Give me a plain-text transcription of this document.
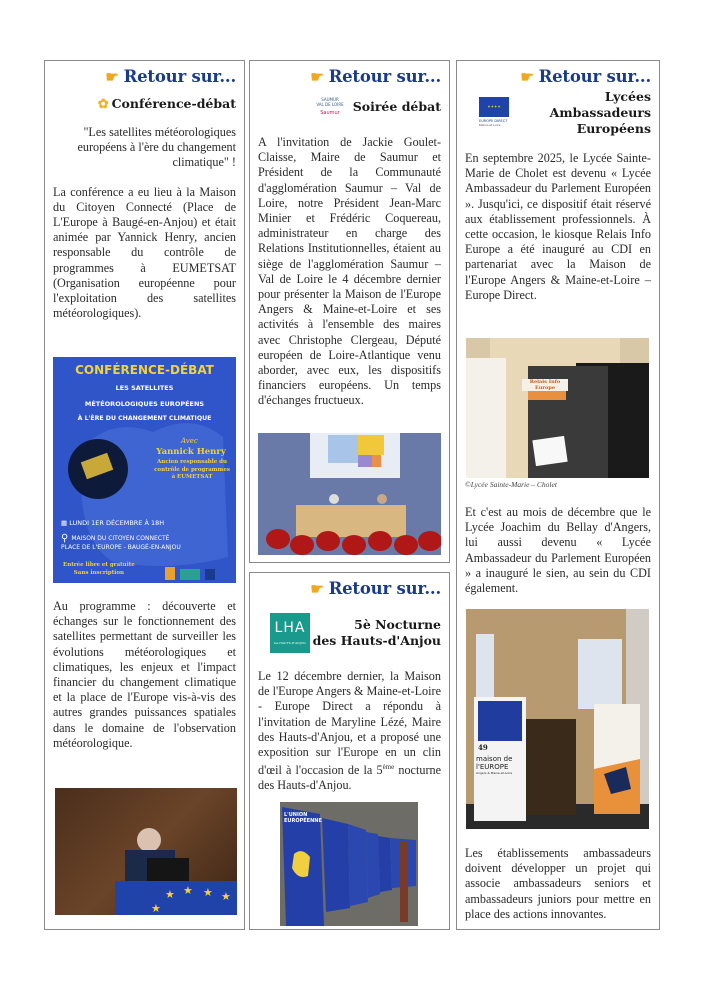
☛ Retour sur...
✿ Conférence-débat
"Les satellites météorologiques européens à l'ère du changement climatique" !
La conférence a eu lieu à la Maison du Citoyen Connecté (Place de L'Europe à Baugé-en-Anjou) et était animée par Yannick Henry, ancien responsable du contrôle de programmes à EUMETSAT (Organisation européenne pour l'exploitation des satellites météorologiques).
CONFÉRENCE-DÉBAT
LES SATELLITES
MÉTÉOROLOGIQUES EUROPÉENS
À L'ÈRE DU CHANGEMENT CLIMATIQUE
Avec
Yannick Henry
Ancien responsable du contrôle de programmes à EUMETSAT
▦ LUNDI 1ER DÉCEMBRE À 18H
⚲ MAISON DU CITOYEN CONNECTÉ
PLACE DE L'EUROPE - BAUGÉ-EN-ANJOU
Entrée libre et gratuite
Sans inscription

Au programme : découverte et échanges sur le fonctionnement des satellites permettant de surveiller les évolutions météorologiques et climatiques, les enjeux et l'impact financier du changement climatique et la place de l'Europe vis-à-vis des autres grandes puissances spatiales dans le domaine de l'observation météorologique.
★ ★ ★ ★
★
☛ Retour sur...
SAUMUR
VAL DE LOIRE
Saumur	Soirée débat
A l'invitation de Jackie Goulet-Claisse, Maire de Saumur et Président de la Communauté d'agglomération Saumur – Val de Loire, notre Président Jean-Marc Minier et Frédéric Coquereau, administrateur en charge des Relations Institutionnelles, étaient au siège de l'agglomération Saumur – Val de Loire le 4 décembre dernier pour présenter la Maison de l'Europe Angers & Maine-et-Loire et ses activités à l'ensemble des maires avec Christophe Clergeau, Député européen de Loire-Atlantique venu aborder, avec eux, les dispositifs financiers européens. Un temps d'échanges fructueux.
☛ Retour sur...
LHA
les HAUTS-D'ANJOU
5è Nocturne
des Hauts-d'Anjou
Le 12 décembre dernier, la Maison de l'Europe Angers & Maine-et-Loire - Europe Direct a répondu à l'invitation de Maryline Lézé, Maire des Hauts-d'Anjou, et a proposé une exposition sur l'Europe en un clin d'œil à l'occasion de la 5ème nocturne des Hauts-d'Anjou.
L'UNION EUROPÉENNE
☛ Retour sur...
✦✦✦✦
EUROPE DIRECT
Maine-et-Loire
Lycées
Ambassadeurs
Européens
En septembre 2025, le Lycée Sainte-Marie de Cholet est devenu « Lycée Ambassadeur du Parlement Européen ». Jusqu'ici, ce dispositif était réservé aux établissement professionnels. À cette occasion, le kiosque Relais Info Europe a été inauguré au CDI en partenariat avec la Maison de l'Europe Angers & Maine-et-Loire – Europe Direct.
Relais Info Europe
©Lycée Sainte-Marie – Cholet
Et c'est au mois de décembre que le Lycée Joachim du Bellay d'Angers, lui aussi devenu « Lycée Ambassadeur du Parlement Européen » a inauguré le sien, au sein du CDI également.
49
maison de
l'EUROPE
Angers & Maine-et-Loire
Les établissements ambassadeurs doivent développer un projet qui associe ambassadeurs seniors et ambassadeurs juniors pour mettre en place des actions innovantes.
